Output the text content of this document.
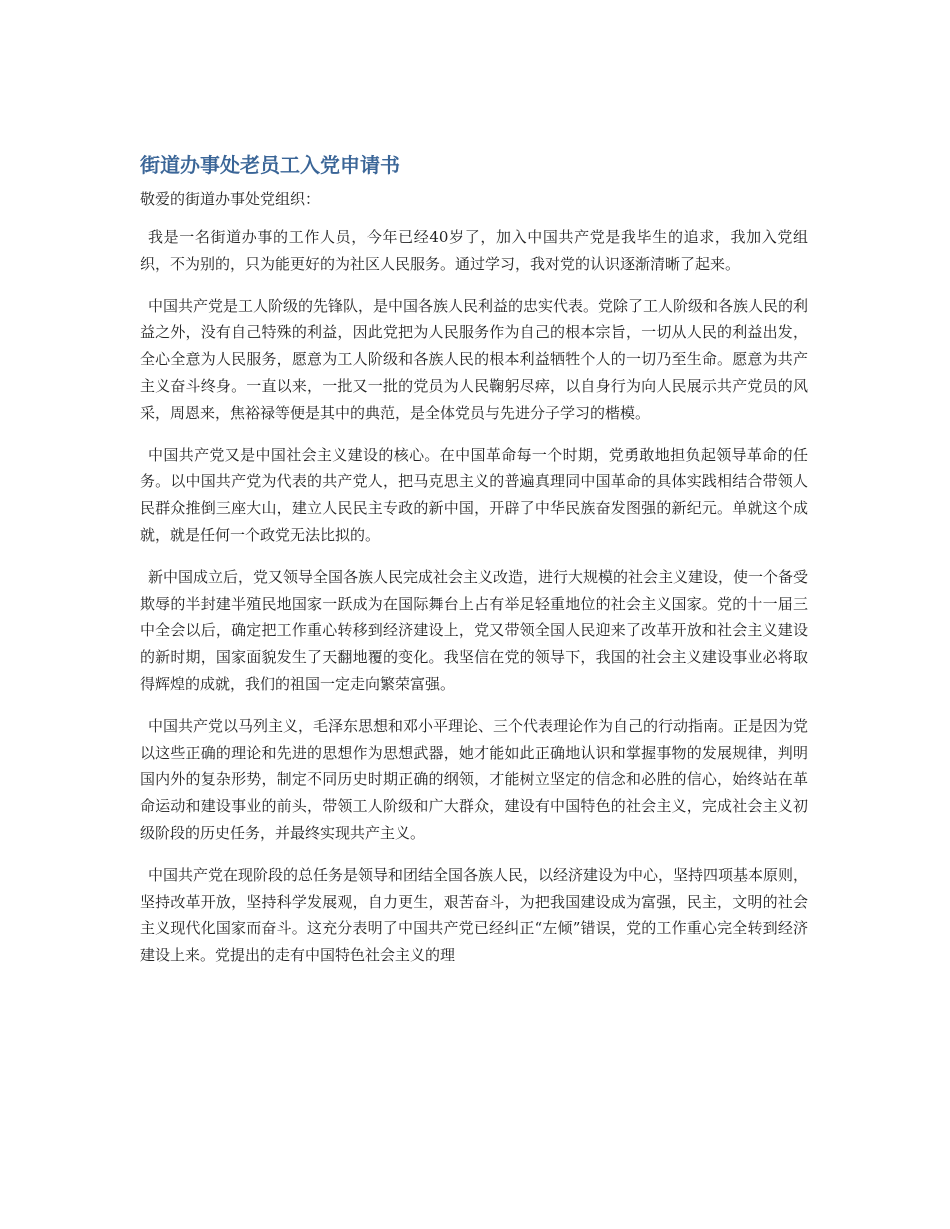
街道办事处老员工入党申请书

敬爱的街道办事处党组织：

我是一名街道办事的工作人员，今年已经40岁了，加入中国共产党是我毕生的追求，我加入党组织，不为别的，只为能更好的为社区人民服务。通过学习，我对党的认识逐渐清晰了起来。

中国共产党是工人阶级的先锋队，是中国各族人民利益的忠实代表。党除了工人阶级和各族人民的利益之外，没有自己特殊的利益，因此党把为人民服务作为自己的根本宗旨，一切从人民的利益出发，全心全意为人民服务，愿意为工人阶级和各族人民的根本利益牺牲个人的一切乃至生命。愿意为共产主义奋斗终身。一直以来，一批又一批的党员为人民鞠躬尽瘁，以自身行为向人民展示共产党员的风采，周恩来，焦裕禄等便是其中的典范，是全体党员与先进分子学习的楷模。

中国共产党又是中国社会主义建设的核心。在中国革命每一个时期，党勇敢地担负起领导革命的任务。以中国共产党为代表的共产党人，把马克思主义的普遍真理同中国革命的具体实践相结合带领人民群众推倒三座大山，建立人民民主专政的新中国，开辟了中华民族奋发图强的新纪元。单就这个成就，就是任何一个政党无法比拟的。

新中国成立后，党又领导全国各族人民完成社会主义改造，进行大规模的社会主义建设，使一个备受欺辱的半封建半殖民地国家一跃成为在国际舞台上占有举足轻重地位的社会主义国家。党的十一届三中全会以后，确定把工作重心转移到经济建设上，党又带领全国人民迎来了改革开放和社会主义建设的新时期，国家面貌发生了天翻地覆的变化。我坚信在党的领导下，我国的社会主义建设事业必将取得辉煌的成就，我们的祖国一定走向繁荣富强。

中国共产党以马列主义，毛泽东思想和邓小平理论、三个代表理论作为自己的行动指南。正是因为党以这些正确的理论和先进的思想作为思想武器，她才能如此正确地认识和掌握事物的发展规律，判明国内外的复杂形势，制定不同历史时期正确的纲领，才能树立坚定的信念和必胜的信心，始终站在革命运动和建设事业的前头，带领工人阶级和广大群众，建设有中国特色的社会主义，完成社会主义初级阶段的历史任务，并最终实现共产主义。

中国共产党在现阶段的总任务是领导和团结全国各族人民，以经济建设为中心，坚持四项基本原则，坚持改革开放，坚持科学发展观，自力更生，艰苦奋斗，为把我国建设成为富强，民主，文明的社会主义现代化国家而奋斗。这充分表明了中国共产党已经纠正“左倾”错误，党的工作重心完全转到经济建设上来。党提出的走有中国特色社会主义的理
